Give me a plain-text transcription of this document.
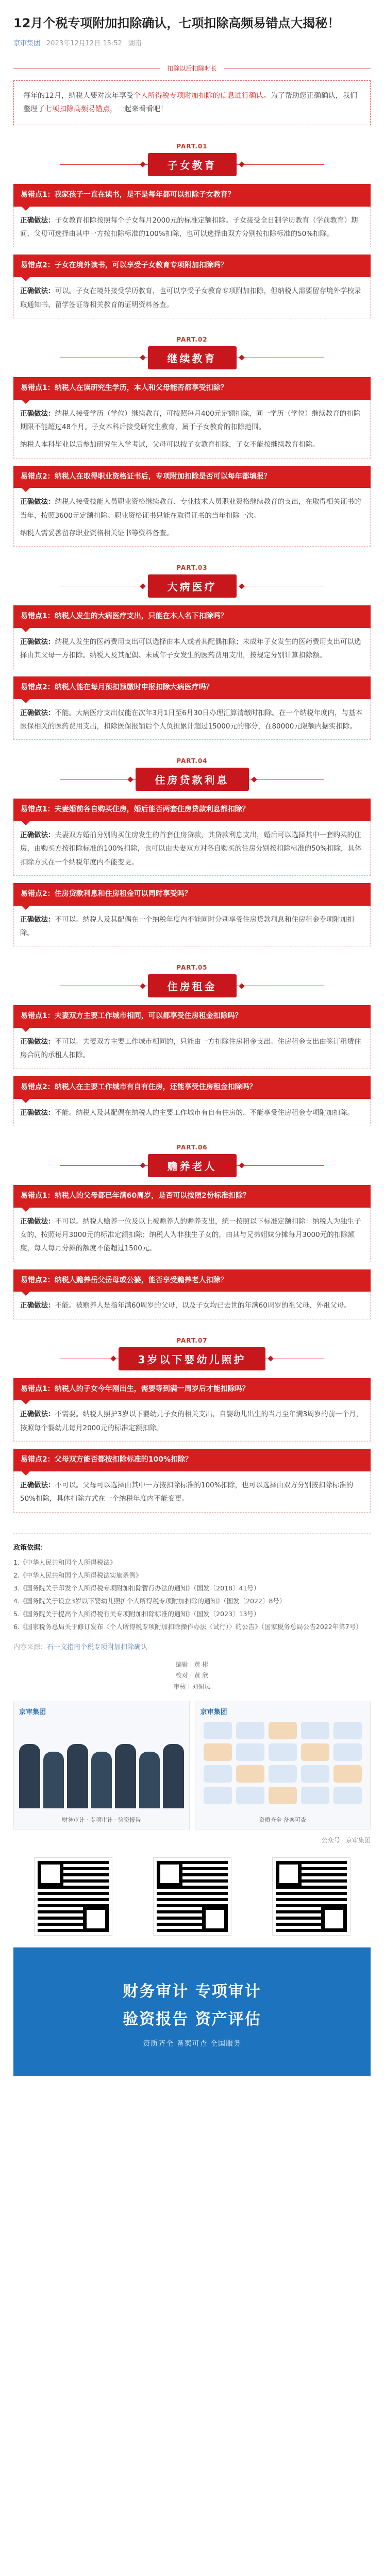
12月个税专项附加扣除确认，七项扣除高频易错点大揭秘！
京审集团 2023年12月12日 15:52 湖南
扣除以后扣除时长
每年的12月，纳税人要对次年享受个人所得税专项附加扣除的信息进行确认。为了帮助您正确确认，我们整理了七项扣除高频易错点，一起来看看吧！
PART.01
子女教育
易错点1：我家孩子一直在读书，是不是每年都可以扣除子女教育？

正确做法：子女教育扣除按照每个子女每月2000元的标准定额扣除。子女接受全日制学历教育（学前教育）期间，父母可选择由其中一方按扣除标准的100%扣除，也可以选择由双方分别按扣除标准的50%扣除。

易错点2：子女在境外读书，可以享受子女教育专项附加扣除吗？

正确做法：可以。子女在境外接受学历教育，也可以享受子女教育专项附加扣除，但纳税人需要留存境外学校录取通知书、留学签证等相关教育的证明资料备查。

PART.02
继续教育
易错点1：纳税人在读研究生学历，本人和父母能否都享受扣除？

正确做法：纳税人接受学历（学位）继续教育，可按照每月400元定额扣除，同一学历（学位）继续教育的扣除期限不能超过48个月。子女本科后接受研究生教育，属于子女教育的扣除范围。

纳税人本科毕业以后参加研究生入学考试，父母可以按子女教育扣除，子女不能按继续教育扣除。

易错点2：纳税人在取得职业资格证书后，专项附加扣除是否可以每年都填报？

正确做法：纳税人接受技能人员职业资格继续教育、专业技术人员职业资格继续教育的支出，在取得相关证书的当年，按照3600元定额扣除。职业资格证书只能在取得证书的当年扣除一次。

纳税人需妥善留存职业资格相关证书等资料备查。

PART.03
大病医疗
易错点1：纳税人发生的大病医疗支出，只能在本人名下扣除吗？

正确做法：纳税人发生的医药费用支出可以选择由本人或者其配偶扣除；未成年子女发生的医药费用支出可以选择由其父母一方扣除。纳税人及其配偶、未成年子女发生的医药费用支出，按规定分别计算扣除额。

易错点2：纳税人能在每月预扣预缴时申报扣除大病医疗吗？

正确做法：不能。大病医疗支出仅能在次年3月1日至6月30日办理汇算清缴时扣除。在一个纳税年度内，与基本医保相关的医药费用支出，扣除医保报销后个人负担累计超过15000元的部分，在80000元限额内据实扣除。

PART.04
住房贷款利息
易错点1：夫妻婚前各自购买住房，婚后能否两套住房贷款利息都扣除？

正确做法：夫妻双方婚前分别购买住房发生的首套住房贷款，其贷款利息支出，婚后可以选择其中一套购买的住房，由购买方按扣除标准的100%扣除，也可以由夫妻双方对各自购买的住房分别按扣除标准的50%扣除，具体扣除方式在一个纳税年度内不能变更。

易错点2：住房贷款利息和住房租金可以同时享受吗？

正确做法：不可以。纳税人及其配偶在一个纳税年度内不能同时分别享受住房贷款利息和住房租金专项附加扣除。

PART.05
住房租金
易错点1：夫妻双方主要工作城市相同，可以都享受住房租金扣除吗？

正确做法：不可以。夫妻双方主要工作城市相同的，只能由一方扣除住房租金支出。住房租金支出由签订租赁住房合同的承租人扣除。

易错点2：纳税人在主要工作城市有自有住房，还能享受住房租金扣除吗？

正确做法：不能。纳税人及其配偶在纳税人的主要工作城市有自有住房的，不能享受住房租金专项附加扣除。

PART.06
赡养老人
易错点1：纳税人的父母都已年满60周岁，是否可以按照2份标准扣除？

正确做法：不可以。纳税人赡养一位及以上被赡养人的赡养支出，统一按照以下标准定额扣除：纳税人为独生子女的，按照每月3000元的标准定额扣除；纳税人为非独生子女的，由其与兄弟姐妹分摊每月3000元的扣除额度，每人每月分摊的额度不能超过1500元。

易错点2：纳税人赡养岳父岳母或公婆，能否享受赡养老人扣除？

正确做法：不能。被赡养人是指年满60周岁的父母，以及子女均已去世的年满60周岁的祖父母、外祖父母。

PART.07
3岁以下婴幼儿照护
易错点1：纳税人的子女今年刚出生，需要等到满一周岁后才能扣除吗？

正确做法：不需要。纳税人照护3岁以下婴幼儿子女的相关支出，自婴幼儿出生的当月至年满3周岁的前一个月，按照每个婴幼儿每月2000元的标准定额扣除。

易错点2：父母双方能否都按扣除标准的100%扣除？

正确做法：不可以。父母可以选择由其中一方按扣除标准的100%扣除，也可以选择由双方分别按扣除标准的50%扣除，具体扣除方式在一个纳税年度内不能变更。

政策依据：
1.《中华人民共和国个人所得税法》
2.《中华人民共和国个人所得税法实施条例》
3.《国务院关于印发个人所得税专项附加扣除暂行办法的通知》（国发〔2018〕41号）
4.《国务院关于设立3岁以下婴幼儿照护个人所得税专项附加扣除的通知》（国发〔2022〕8号）
5.《国务院关于提高个人所得税有关专项附加扣除标准的通知》（国发〔2023〕13号）
6.《国家税务总局关于修订发布〈个人所得税专项附加扣除操作办法（试行）〉的公告》（国家税务总局公告2022年第7号）
内容来源：石一文指南个税专项附加扣除确认
编辑丨黄 彬
校对丨黄 欣
审核丨刘佩凤
京审集团
财务审计 · 专项审计 · 验资报告
京审集团
资质齐全 备案可查
公众号 · 京审集团
财务审计 专项审计
验资报告 资产评估
资质齐全 备案可查 全国服务
